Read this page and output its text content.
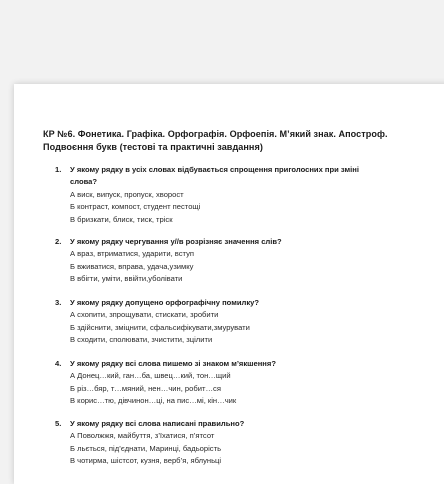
КР №6. Фонетика. Графіка. Орфографія. Орфоепія. М’який знак. Апостроф.
Подвоєння букв (тестові та практичні завдання)
1.	У якому рядку в усіх словах відбувається спрощення приголосних при зміні
слова?
А виск, випуск, пропуск, хворост
Б контраст, компост, студент пестощі
В бризкати, блиск, тиск, тріск
2.	У якому рядку чергування у//в розрізняє значення слів?
А враз, втриматися, ударити, вступ
Б вживатися, вправа, удача,узимку
В вбігти, уміти, ввійти,уболівати
3.	У якому рядку допущено орфографічну помилку?
А схопити, зпрощувати, стискати, зробити
Б здійснити, зміцнити, сфальсифікувати,змурувати
В сходити, сполювати, зчистити, зцілити
4.	У якому рядку всі слова пишемо зі знаком м’якшення?
А Донец…кий, ган…ба, швец…кий, тон…щий
Б різ…бяр, т…мяний, нен…чин, робит…ся
В корис…тю, дівчинон…ці, на пис…мі, кін…чик
5.	У якому рядку всі слова написані правильно?
А Поволжжя, майбуття, з’їхатися, п’ятсот
Б льється, під’єднати, Маринці, бадьорість
В чотирма, шістсот, кузня, верб’я, яблуньці
